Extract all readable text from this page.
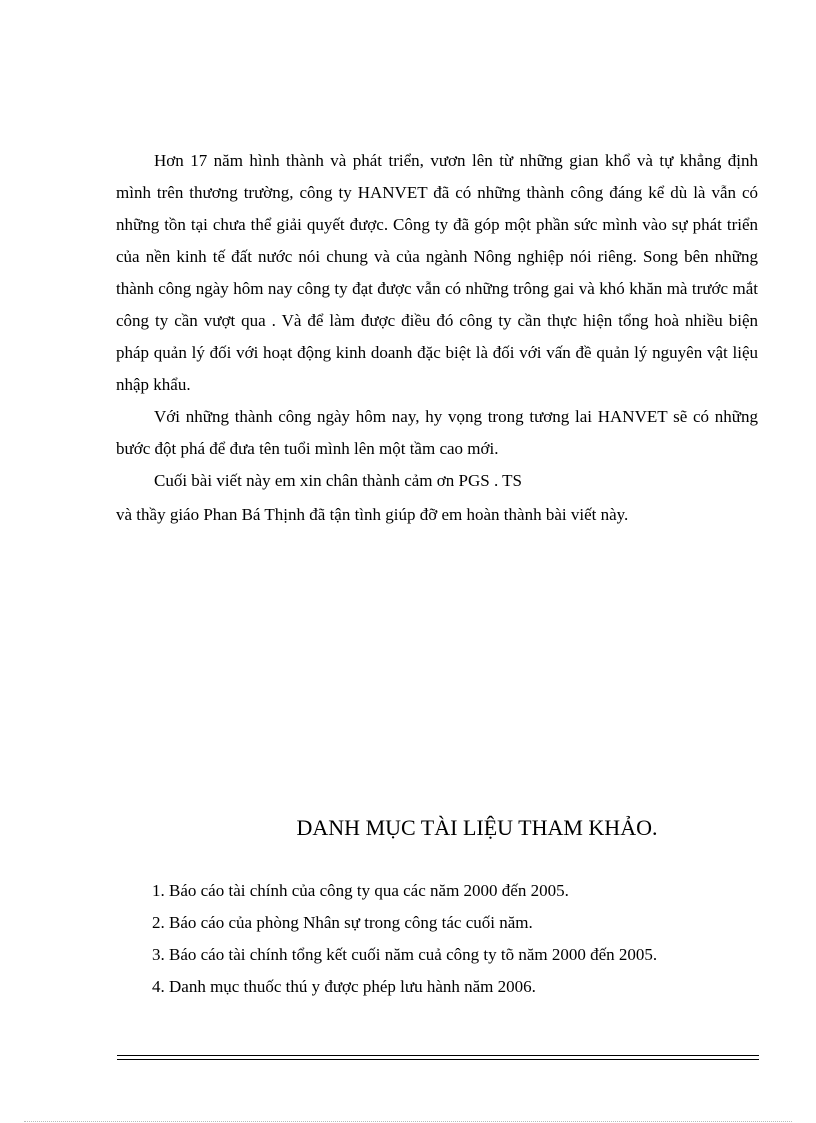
Hơn 17 năm hình thành và phát triển, vươn lên từ những gian khổ và tự khẳng định mình trên thương trường, công ty HANVET đã có những thành công đáng kể dù là vẫn có những tồn tại chưa thể giải quyết được. Công ty đã góp một phần sức mình vào sự phát triển của nền kinh tế đất nước nói chung và của ngành Nông nghiệp nói riêng. Song bên những thành công ngày hôm nay công ty đạt được vẫn có những trông gai và khó khăn mà trước mắt công ty cần vượt qua . Và để làm được điều đó công ty cần thực hiện tổng hoà nhiều biện pháp quản lý đối với hoạt động kinh doanh đặc biệt là đối với vấn đề quản lý nguyên vật liệu nhập khẩu.

Với những thành công ngày hôm nay, hy vọng trong tương lai HANVET sẽ có những bước đột phá để đưa tên tuổi mình lên một tầm cao mới.

Cuối bài viết này em xin chân thành cảm ơn PGS . TS

và thầy giáo Phan Bá Thịnh đã tận tình giúp đỡ em hoàn thành bài viết này.

DANH MỤC TÀI LIỆU THAM KHẢO.
1. Báo cáo tài chính của công ty qua các năm 2000 đến 2005.
2. Báo cáo của phòng Nhân sự trong công tác cuối năm.
3. Báo cáo tài chính tổng kết cuối năm cuả công ty tõ năm 2000 đến 2005.
4. Danh mục thuốc thú y được phép lưu hành năm 2006.
